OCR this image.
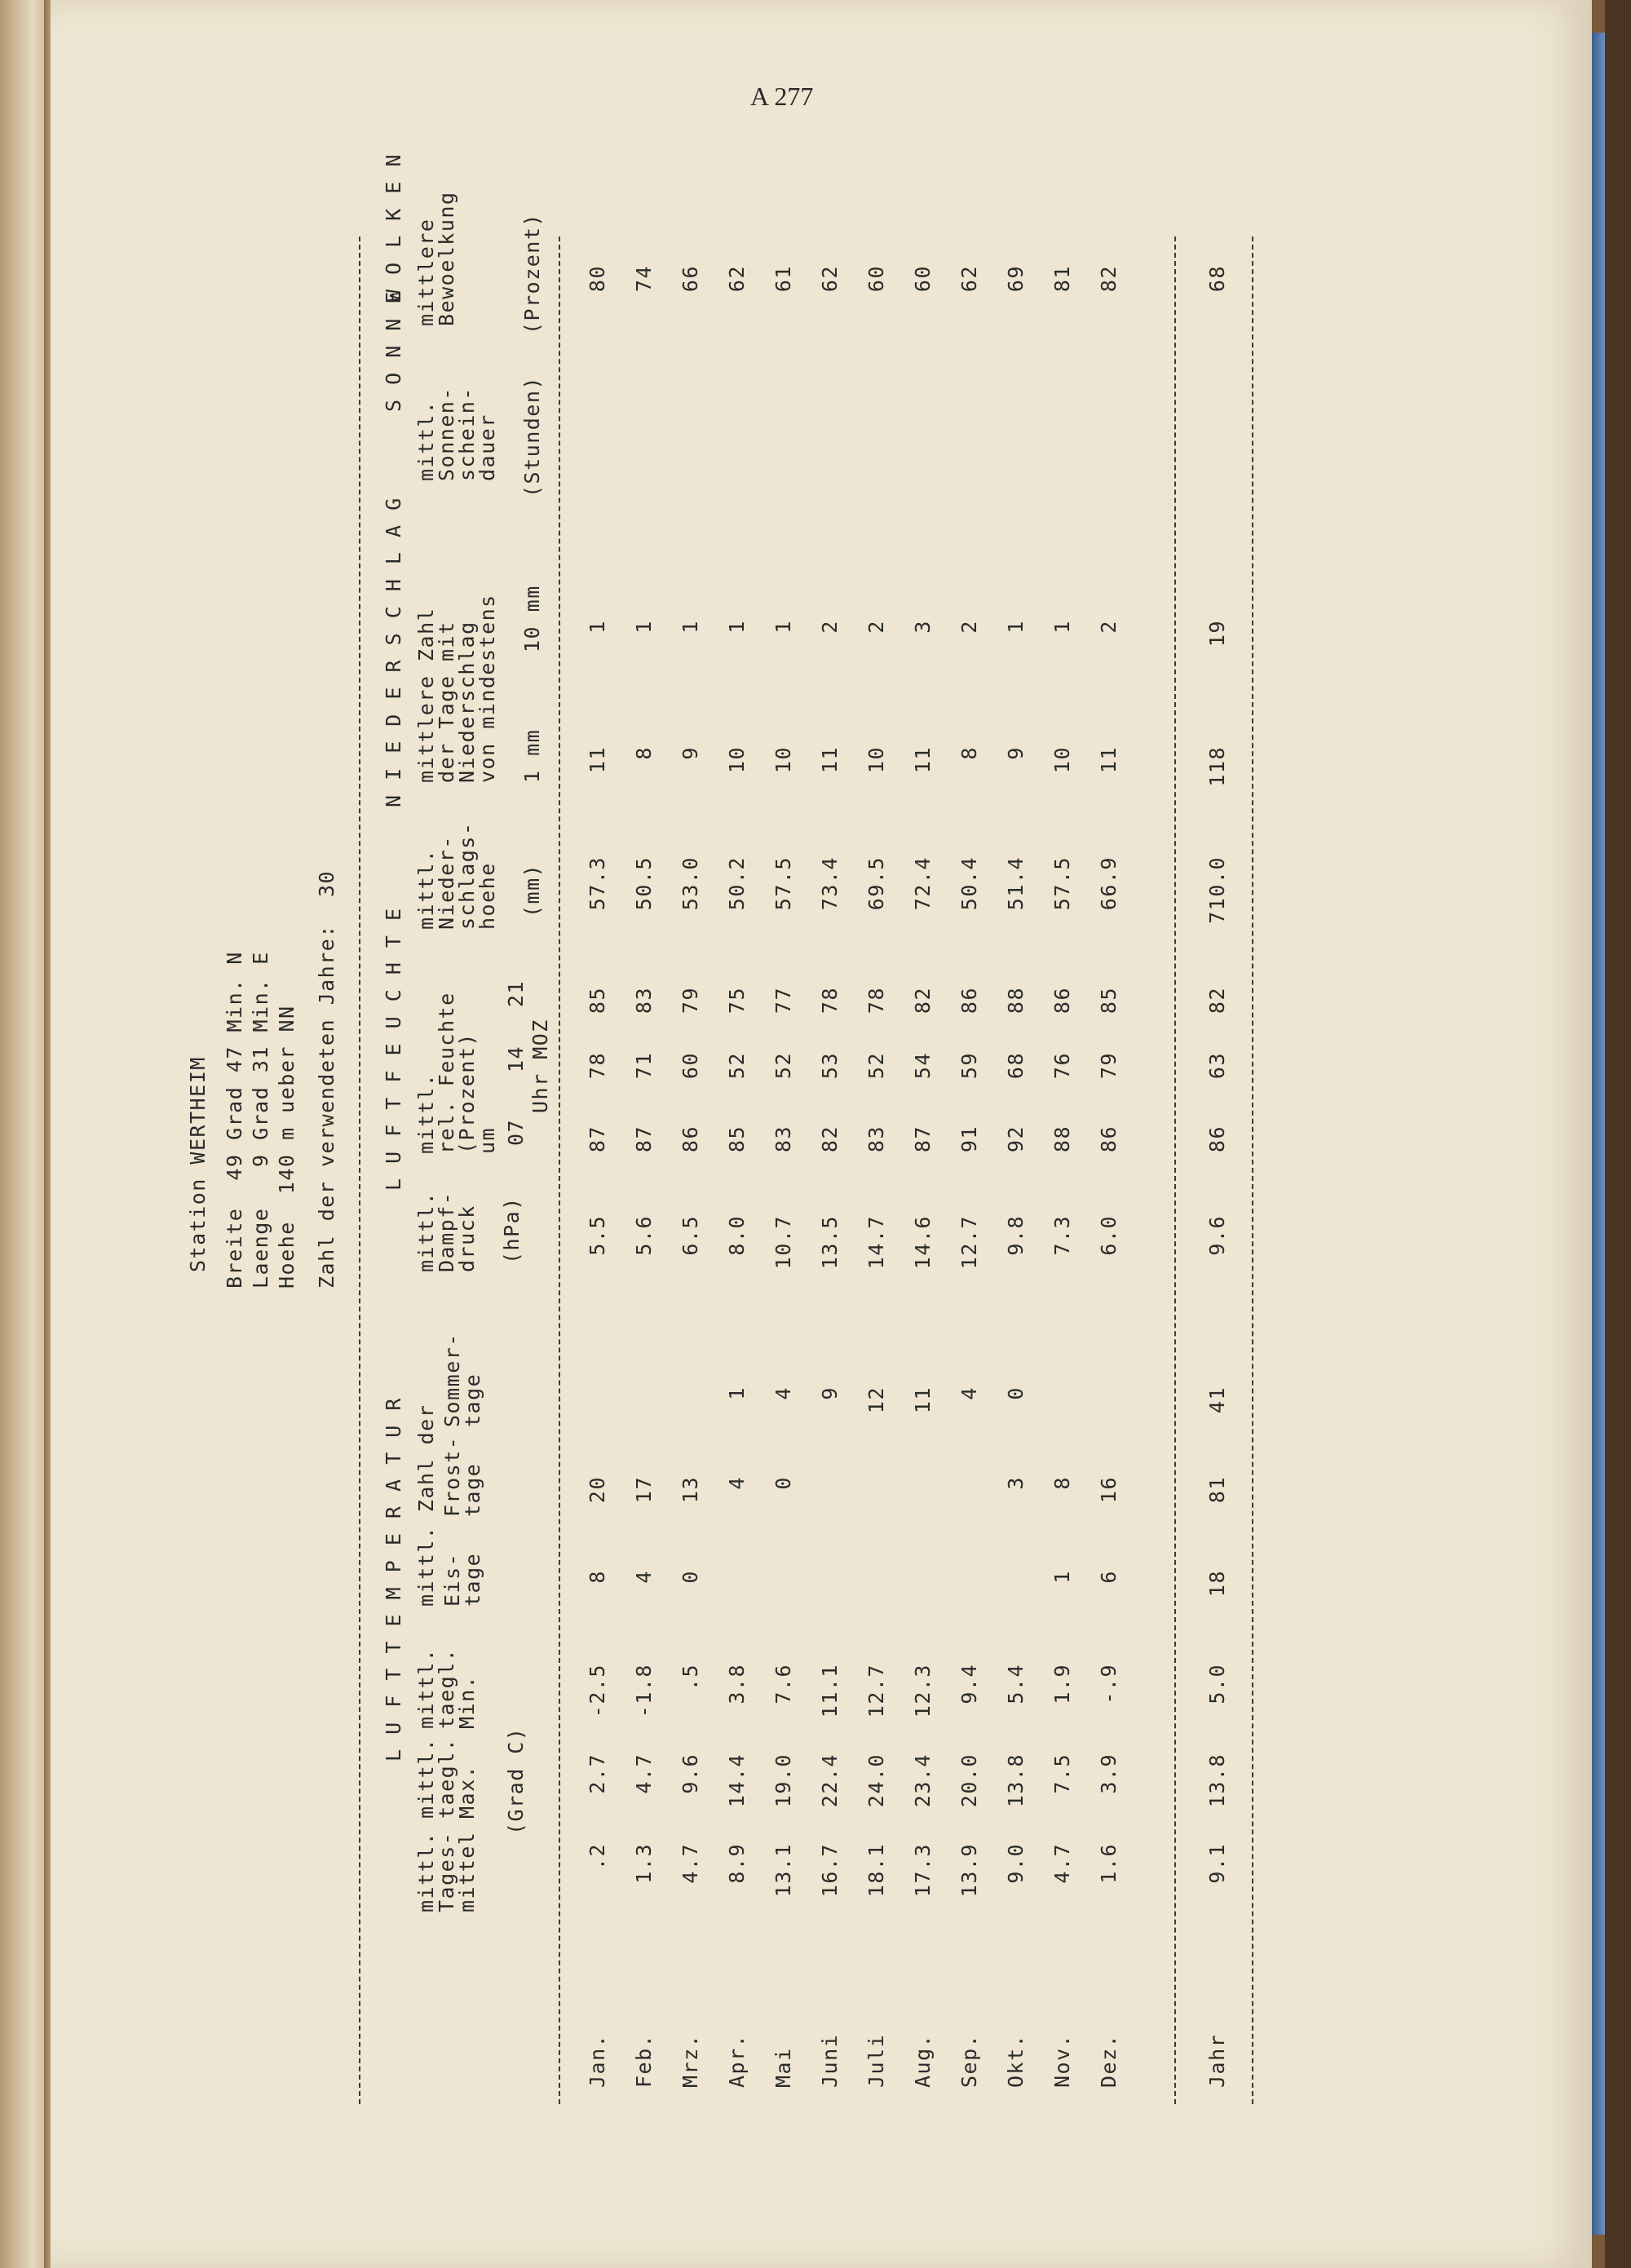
A 277
Station WERTHEIM Breite  49 Grad 47 Min. N Laenge   9 Grad 31 Min. E Hoehe  140 m ueber NN Zahl der verwendeten Jahre:  30
L U F T T E M P E R A T U R
L U F T F E U C H T E
N I E D E R S C H L A G
S O N N E
W O L K E N
mittl.
Tages-
mittel
mittl.
taegl.
Max.
mittl.
taegl.
Min.
(Grad C)
mittl. Zahl der Eis-
tage
Frost-
tage
Sommer-
tage
mittl.
Dampf-
druck (hPa)
mittl.
rel. Feuchte
(Prozent)
um 07
14
21
Uhr MOZ
mittl.
Nieder-
schlags-
hoehe (mm)
mittlere Zahl
der Tage mit
Niederschlag
von mindestens
1 mm
10 mm
mittl.
Sonnen-
schein-
dauer (Stunden)
mittlere
Bewoelkung	(Prozent)
Jan.
.2
2.7
-2.5
8
20
5.5
87
78
85
57.3
11
1
80
Feb.
1.3
4.7
-1.8
4
17
5.6
87
71
83
50.5
8
1
74
Mrz.
4.7
9.6
.5
0
13
6.5
86
60
79
53.0
9
1
66
Apr.
8.9
14.4
3.8
4
1
8.0
85
52
75
50.2
10
1
62
Mai
13.1
19.0
7.6
0
4
10.7
83
52
77
57.5
10
1
61
Juni
16.7
22.4
11.1
9
13.5
82
53
78
73.4
11
2
62
Juli
18.1
24.0
12.7
12
14.7
83
52
78
69.5
10
2
60
Aug.
17.3
23.4
12.3
11
14.6
87
54
82
72.4
11
3
60
Sep.
13.9
20.0
9.4
4
12.7
91
59
86
50.4
8
2
62
Okt.
9.0
13.8
5.4
3
0
9.8
92
68
88
51.4
9
1
69
Nov.
4.7
7.5
1.9
1
8
7.3
88
76
86
57.5
10
1
81
Dez.
1.6
3.9
-.9
6
16
6.0
86
79
85
66.9
11
2
82
Jahr
9.1
13.8
5.0
18
81
41
9.6
86
63
82
710.0
118
19
68
